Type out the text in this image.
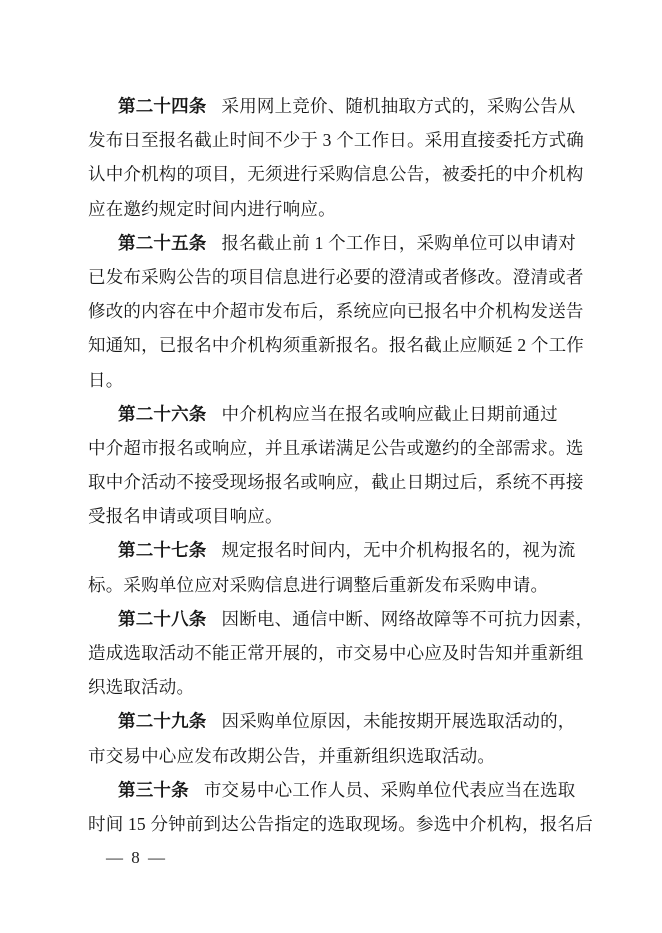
第二十四条 采用网上竞价、随机抽取方式的，采购公告从
发布日至报名截止时间不少于 3 个工作日。采用直接委托方式确
认中介机构的项目，无须进行采购信息公告，被委托的中介机构
应在邀约规定时间内进行响应。
第二十五条 报名截止前 1 个工作日，采购单位可以申请对
已发布采购公告的项目信息进行必要的澄清或者修改。澄清或者
修改的内容在中介超市发布后，系统应向已报名中介机构发送告
知通知，已报名中介机构须重新报名。报名截止应顺延 2 个工作
日。
第二十六条 中介机构应当在报名或响应截止日期前通过
中介超市报名或响应，并且承诺满足公告或邀约的全部需求。选
取中介活动不接受现场报名或响应，截止日期过后，系统不再接
受报名申请或项目响应。
第二十七条 规定报名时间内，无中介机构报名的，视为流
标。采购单位应对采购信息进行调整后重新发布采购申请。
第二十八条 因断电、通信中断、网络故障等不可抗力因素，
造成选取活动不能正常开展的，市交易中心应及时告知并重新组
织选取活动。
第二十九条 因采购单位原因，未能按期开展选取活动的，
市交易中心应发布改期公告，并重新组织选取活动。
第三十条 市交易中心工作人员、采购单位代表应当在选取
时间 15 分钟前到达公告指定的选取现场。参选中介机构，报名后
— 8 —
